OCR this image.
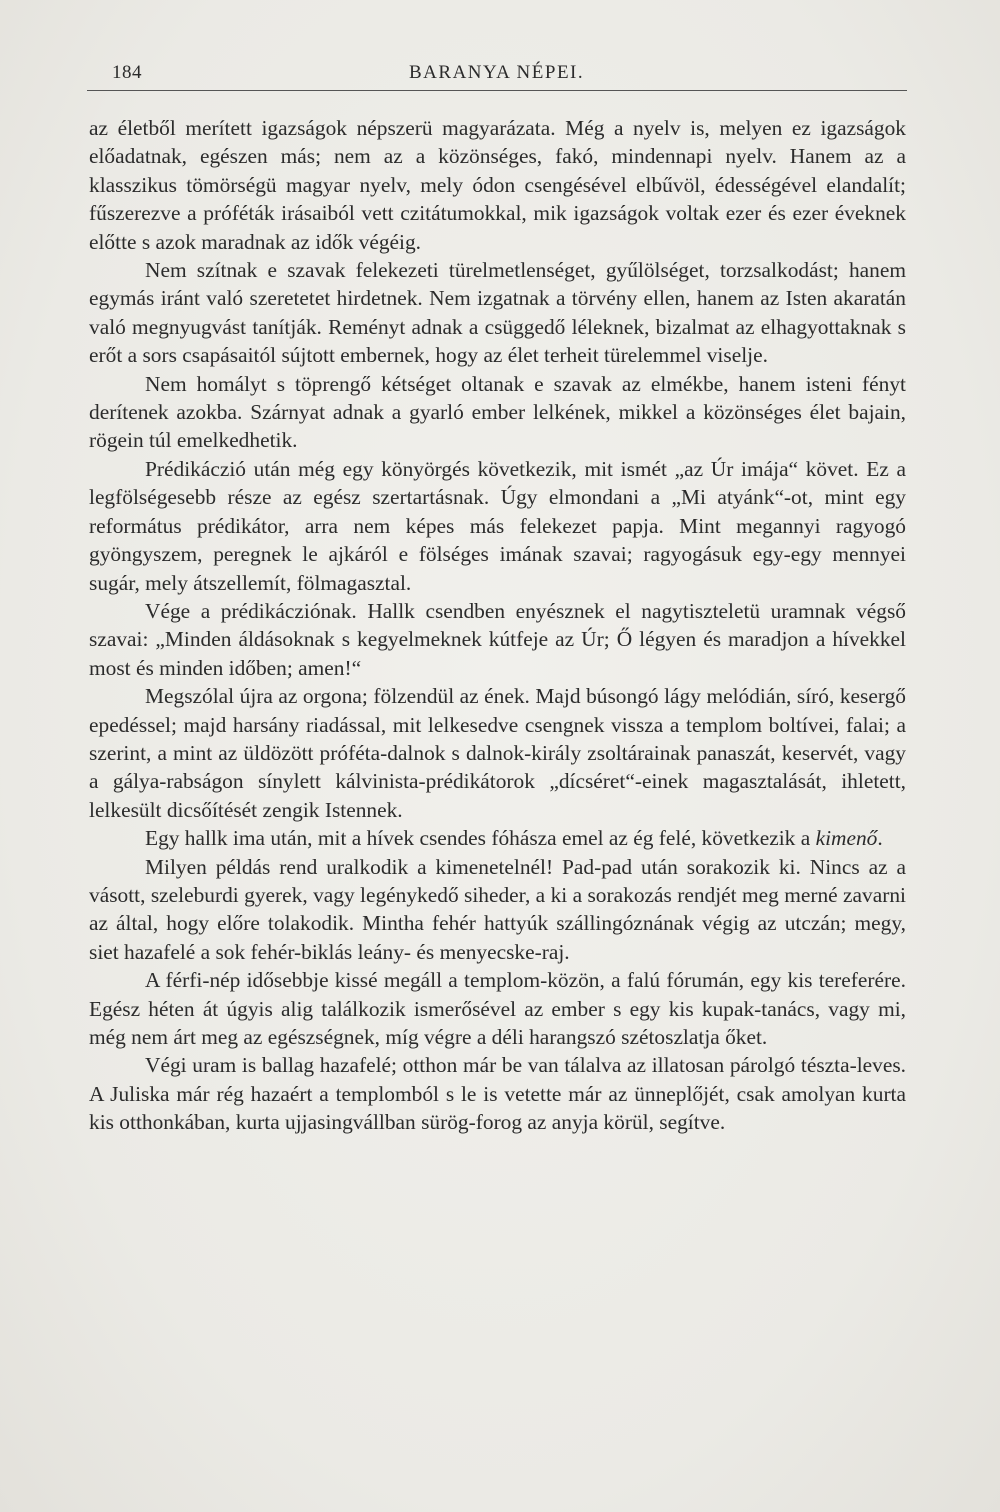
184	BARANYA NÉPEI.

az életből merített igazságok népszerü magyarázata. Még a nyelv is, melyen ez igazságok előadatnak, egészen más; nem az a közönséges, fakó, mindennapi nyelv. Hanem az a klasszikus tömörségü magyar nyelv, mely ódon csengésével elbűvöl, édességével elandalít; fűszerezve a próféták irásaiból vett czitátumokkal, mik igazságok voltak ezer és ezer éveknek előtte s azok maradnak az idők végéig.

Nem szítnak e szavak felekezeti türelmetlenséget, gyűlölséget, torzsalkodást; hanem egymás iránt való szeretetet hirdetnek. Nem izgatnak a törvény ellen, hanem az Isten akaratán való megnyugvást tanítják. Reményt adnak a csüggedő léleknek, bizalmat az elhagyottaknak s erőt a sors csapásaitól sújtott embernek, hogy az élet terheit türelemmel viselje.

Nem homályt s töprengő kétséget oltanak e szavak az elmékbe, hanem isteni fényt derítenek azokba. Szárnyat adnak a gyarló ember lelkének, mikkel a közönséges élet bajain, rögein túl emelkedhetik.

Prédikáczió után még egy könyörgés következik, mit ismét „az Úr imája“ követ. Ez a legfölségesebb része az egész szertartásnak. Úgy elmondani a „Mi atyánk“-ot, mint egy református prédikátor, arra nem képes más felekezet papja. Mint megannyi ragyogó gyöngyszem, peregnek le ajkáról e fölséges imának szavai; ragyogásuk egy-egy mennyei sugár, mely átszellemít, fölmagasztal.

Vége a prédikácziónak. Hallk csendben enyésznek el nagytiszteletü uramnak végső szavai: „Minden áldásoknak s kegyelmeknek kútfeje az Úr; Ő légyen és maradjon a hívekkel most és minden időben; amen!“

Megszólal újra az orgona; fölzendül az ének. Majd búsongó lágy melódián, síró, kesergő epedéssel; majd harsány riadással, mit lelkesedve csengnek vissza a templom boltívei, falai; a szerint, a mint az üldözött próféta-dalnok s dalnok-király zsoltárainak panaszát, keservét, vagy a gálya-rabságon sínylett kálvinista-prédikátorok „dícséret“-einek magasztalását, ihletett, lelkesült dicsőítését zengik Istennek.

Egy hallk ima után, mit a hívek csendes fóhásza emel az ég felé, következik a kimenő.

Milyen példás rend uralkodik a kimenetelnél! Pad-pad után sorakozik ki. Nincs az a vásott, szeleburdi gyerek, vagy legénykedő siheder, a ki a sorakozás rendjét meg merné zavarni az által, hogy előre tolakodik. Mintha fehér hattyúk szállingóznának végig az utczán; megy, siet hazafelé a sok fehér-biklás leány- és menyecske-raj.

A férfi-nép idősebbje kissé megáll a templom-közön, a falú fórumán, egy kis tereferére. Egész héten át úgyis alig találkozik ismerősével az ember s egy kis kupak-tanács, vagy mi, még nem árt meg az egészségnek, míg végre a déli harangszó szétoszlatja őket.

Végi uram is ballag hazafelé; otthon már be van tálalva az illatosan párolgó tészta-leves. A Juliska már rég hazaért a templomból s le is vetette már az ünneplőjét, csak amolyan kurta kis otthonkában, kurta ujjasingvállban sürög-forog az anyja körül, segítve.
